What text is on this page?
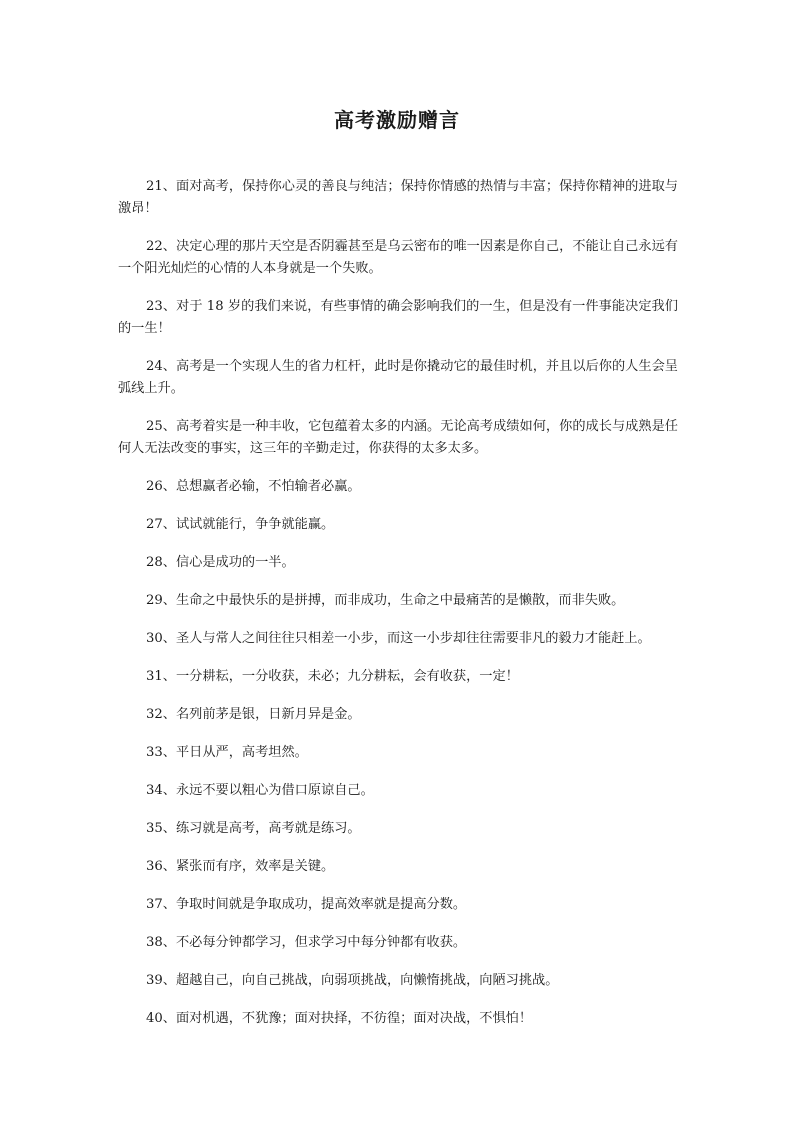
高考激励赠言

21、面对高考，保持你心灵的善良与纯洁；保持你情感的热情与丰富；保持你精神的进取与激昂！

22、决定心理的那片天空是否阴霾甚至是乌云密布的唯一因素是你自己，不能让自己永远有一个阳光灿烂的心情的人本身就是一个失败。

23、对于 18 岁的我们来说，有些事情的确会影响我们的一生，但是没有一件事能决定我们的一生！

24、高考是一个实现人生的省力杠杆，此时是你撬动它的最佳时机，并且以后你的人生会呈弧线上升。

25、高考着实是一种丰收，它包蕴着太多的内涵。无论高考成绩如何，你的成长与成熟是任何人无法改变的事实，这三年的辛勤走过，你获得的太多太多。

26、总想赢者必输，不怕输者必赢。

27、试试就能行，争争就能赢。

28、信心是成功的一半。

29、生命之中最快乐的是拼搏，而非成功，生命之中最痛苦的是懒散，而非失败。

30、圣人与常人之间往往只相差一小步，而这一小步却往往需要非凡的毅力才能赶上。

31、一分耕耘，一分收获，未必；九分耕耘，会有收获，一定！

32、名列前茅是银，日新月异是金。

33、平日从严，高考坦然。

34、永远不要以粗心为借口原谅自己。

35、练习就是高考，高考就是练习。

36、紧张而有序，效率是关键。

37、争取时间就是争取成功，提高效率就是提高分数。

38、不必每分钟都学习，但求学习中每分钟都有收获。

39、超越自己，向自己挑战，向弱项挑战，向懒惰挑战，向陋习挑战。

40、面对机遇，不犹豫；面对抉择，不彷徨；面对决战，不惧怕！
